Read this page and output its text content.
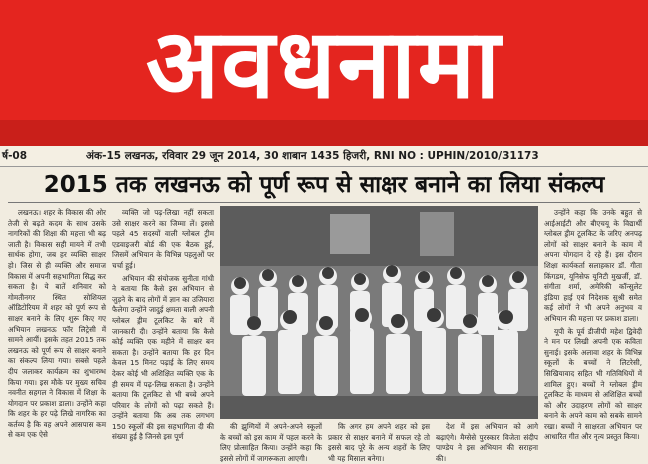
अवधनामा
र्ष-08	अंक-15 लखनऊ, रविवार 29 जून 2014, 30 शाबान 1435 हिजरी, RNI NO : UPHIN/2010/31173
2015 तक लखनऊ को पूर्ण रूप से साक्षर बनाने का लिया संकल्प

लखनऊ। शहर के विकास की ओर तेजी से बढ़ते कदम के साथ उसके नागरिकों की शिक्षा की महत्ता भी बढ़ जाती है। विकास सही मायने में तभी सार्थक होगा, जब हर व्यक्ति साक्षर हो। जिस से ही व्यक्ति और समाज विकास में अपनी सहभागिता सिद्ध कर सकता है। ये बातें शनिवार को गोमतीनगर स्थित सोशियल ऑडिटोरियम में शहर को पूर्ण रूप से साक्षर बनाने के लिए शुरू किए गए अभियान लखनऊ फॉर लिट्रेसी में सामने आयीं। इसके तहत 2015 तक लखनऊ को पूर्ण रूप से साक्षर बनाने का संकल्प लिया गया। सबसे पहले दीप जलाकर कार्यक्रम का शुभारम्भ किया गया। इस मौके पर मुख्य सचिव नवनीत सहगल ने विकास में शिक्षा के योगदान पर प्रकाश डाला। उन्होंने कहा कि शहर के हर पढ़े लिखे नागरिक का कर्तव्य है कि वह अपने आसपास कम से कम एक ऐसे

व्यक्ति जो पढ़-लिखा नहीं सकता उसे साक्षर करने का जिम्मा लें। इससे पहले 45 सदस्यों वाली ग्लोबल ट्रीम एडवाइजरी बोर्ड की एक बैठक हुई, जिसमें अभियान के विभिन्न पहलुओं पर चर्चा हुई।

अभियान की संयोजक सुनीता गांधी ने बताया कि कैसे इस अभियान से जुड़ने के बाद लोगों में ज्ञान का उजियारा फैलेगा उन्होंने जादुई क्षमता वाली अपनी ग्लोबल ड्रीम टूलकिट के बारे में जानकारी दी। उन्होंने बताया कि कैसे कोई व्यक्ति एक महीने में साक्षर बन सकता है। उन्होंने बताया कि हर दिन केवल 15 मिनट पढ़ाई के लिए समय देकर कोई भी अशिक्षित व्यक्ति एक के ही समय में पढ़-लिख सकता है। उन्होंने बताया कि टूलकिट से भी बच्चे अपने परिवार के लोगों को पढ़ा सकते हैं। उन्होंने बताया कि अब तक लगभग 150 स्कूलों की इस सहभागिता दी की संख्या हुई है जिनसे इस पूर्ण

की झुग्गियों में अपने-अपने स्कूलों के बच्चों को इस काम में पहल करने के लिए प्रोत्साहित किया। उन्होंने कहा कि इससे लोगों में जागरूकता आएगी।

कि अगर हम अपने शहर को इस प्रकार से साक्षर बनाने में सफल रहे तो इससे बाद पूरे के अन्य शहरों के लिए भी यह मिसाल बनेगा।

देश में इस अभियान को आगे बढ़ाएंगे। मैग्सेसे पुरस्कार विजेता संदीप पाण्डेय ने इस अभियान की सराहना की।

उन्होंने कहा कि उनके बहुत से आईआईटी और बीएचयू के विद्यार्थी ग्लोबल ड्रीम टूलकिट के जरिए अनपढ़ लोगों को साक्षर बनाने के काम में अपना योगदान दे रहे हैं। इस दौरान शिक्षा कार्यकर्ता सलाहकार डॉ. गीता किंगडम, यूनिसेफ यूनिटी मुखर्जी, डॉ. संगीता शर्मा, अमेरिकी कॉन्सुलेट इंडिया हाई एवं निदेशक सुश्री समेत कई लोगों ने भी अपने अनुभव व अभियान की महत्ता पर प्रकाश डाला।

यूपी के पूर्व डीजीपी महेश द्विवेदी ने मन पर लिखी अपनी एक कविता सुनाई। इसके अलावा शहर के विभिन्न स्कूलों के बच्चों ने लिटरेसी, सिखियावाद सहित भी गतिविधियों में शामिल हुए। बच्चों ने ग्लोबल ड्रीम टूलकिट के माध्यम से अशिक्षित बच्चों को और उदाहरण लोगों को साक्षर बनाने के अपने काम को सबके सामने रखा। बच्चों ने साक्षरता अभियान पर आधारित गीत और नृत्य प्रस्तुत किया।
